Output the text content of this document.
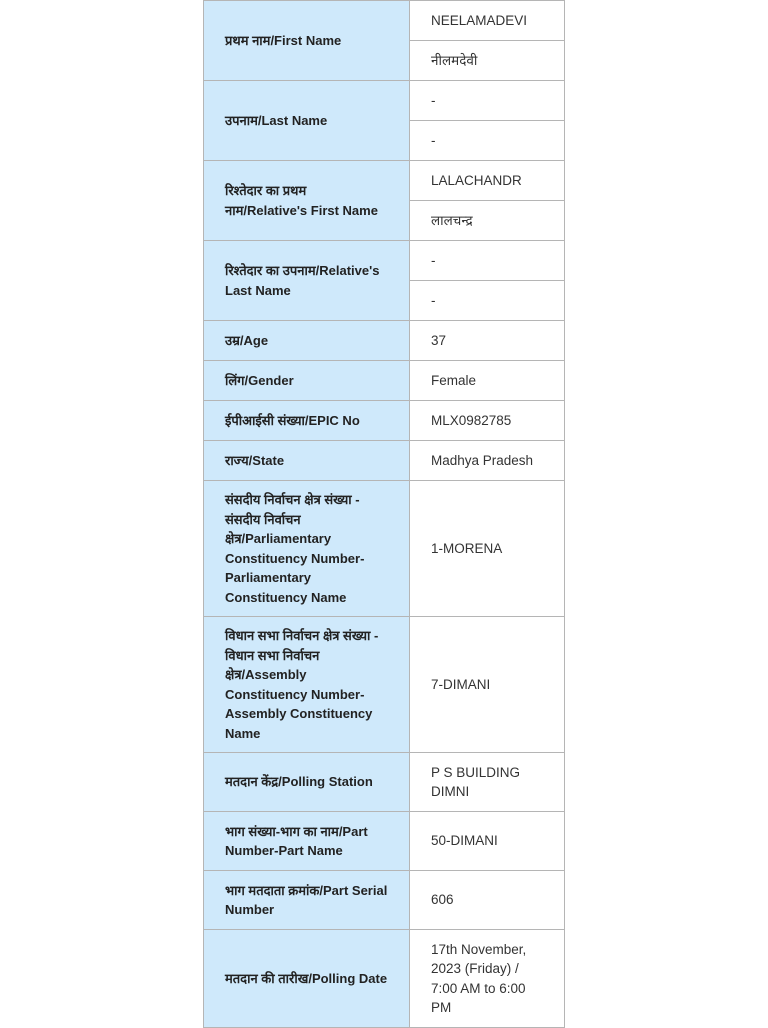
प्रथम नाम/First Name	NEELAMADEVI
	नीलमदेवी
उपनाम/Last Name	-
	-
रिश्तेदार का प्रथम नाम/Relative's First Name	LALACHANDR
	लालचन्द्र
रिश्तेदार का उपनाम/Relative's Last Name	-
	-
उम्र/Age	37
लिंग/Gender	Female
ईपीआईसी संख्या/EPIC No	MLX0982785
राज्य/State	Madhya Pradesh
संसदीय निर्वाचन क्षेत्र संख्या - संसदीय निर्वाचन क्षेत्र/Parliamentary Constituency Number-Parliamentary Constituency Name	1-MORENA
विधान सभा निर्वाचन क्षेत्र संख्या - विधान सभा निर्वाचन क्षेत्र/Assembly Constituency Number-Assembly Constituency Name	7-DIMANI
मतदान केंद्र/Polling Station	P S BUILDING DIMNI
भाग संख्या-भाग का नाम/Part Number-Part Name	50-DIMANI
भाग मतदाता क्रमांक/Part Serial Number	606
मतदान की तारीख/Polling Date	17th November, 2023 (Friday) / 7:00 AM to 6:00 PM
